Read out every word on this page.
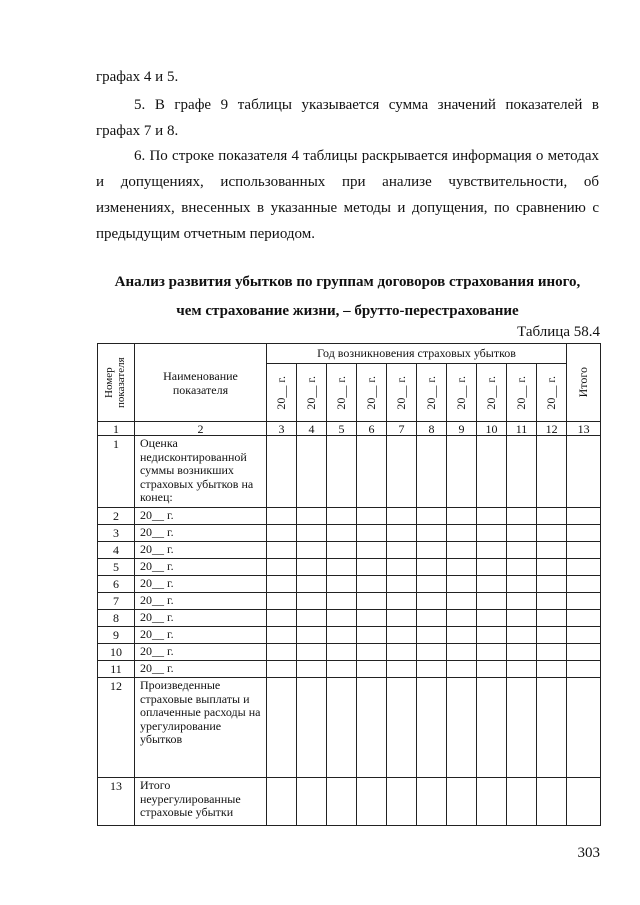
графах 4 и 5.
5. В графе 9 таблицы указывается сумма значений показателей в
графах 7 и 8.
6. По строке показателя 4 таблицы раскрывается информация о методах
и допущениях, использованных при анализе чувствительности, об
изменениях, внесенных в указанные методы и допущения, по сравнению с
предыдущим отчетным периодом.
Анализ развития убытков по группам договоров страхования иного,
чем страхование жизни, – брутто-перестрахование
Таблица 58.4
Номер показателя	Наименование показателя	Год возникновения страховых убытков										Итого

		20__ г.	20__ г.	20__ г.	20__ г.	20__ г.	20__ г.	20__ г.	20__ г.	20__ г.	20__ г.	

1	2	3	4	5	6	7	8	9	10	11	12	13
1	Оценка недисконтированной суммы возникших страховых убытков на конец:											
2	20__ г.											
3	20__ г.											
4	20__ г.											
5	20__ г.											
6	20__ г.											
7	20__ г.											
8	20__ г.											
9	20__ г.											
10	20__ г.											
11	20__ г.											
12	Произведенные страховые выплаты и оплаченные расходы на урегулирование убытков											
13	Итого неурегулированные страховые убытки											
303
